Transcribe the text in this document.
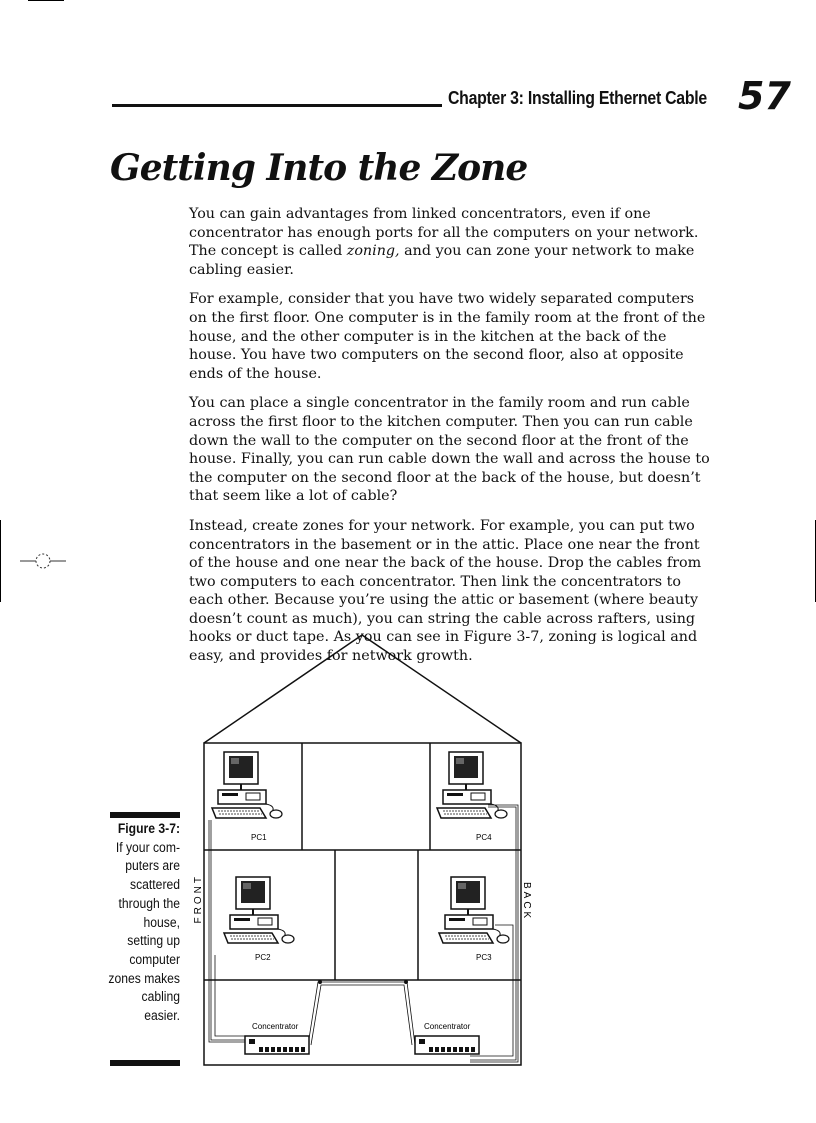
Chapter 3: Installing Ethernet Cable 57
Getting Into the Zone

You can gain advantages from linked concentrators, even if one concentrator has enough ports for all the computers on your network. The concept is called zoning, and you can zone your network to make cabling easier.

For example, consider that you have two widely separated computers on the first floor. One computer is in the family room at the front of the house, and the other computer is in the kitchen at the back of the house. You have two computers on the second floor, also at opposite ends of the house.

You can place a single concentrator in the family room and run cable across the first floor to the kitchen computer. Then you can run cable down the wall to the computer on the second floor at the front of the house. Finally, you can run cable down the wall and across the house to the computer on the second floor at the back of the house, but doesn’t that seem like a lot of cable?

Instead, create zones for your network. For example, you can put two concentrators in the basement or in the attic. Place one near the front of the house and one near the back of the house. Drop the cables from two computers to each concentrator. Then link the concentrators to each other. Because you’re using the attic or basement (where beauty doesn’t count as much), you can string the cable across rafters, using hooks or duct tape. As you can see in Figure 3-7, zoning is logical and easy, and provides for network growth.

Figure 3-7:
If your computers are scattered through the house, setting up computer zones makes cabling easier.
PC1	PC4
PC2	PC3
Concentrator	Concentrator
FRONT	BACK
